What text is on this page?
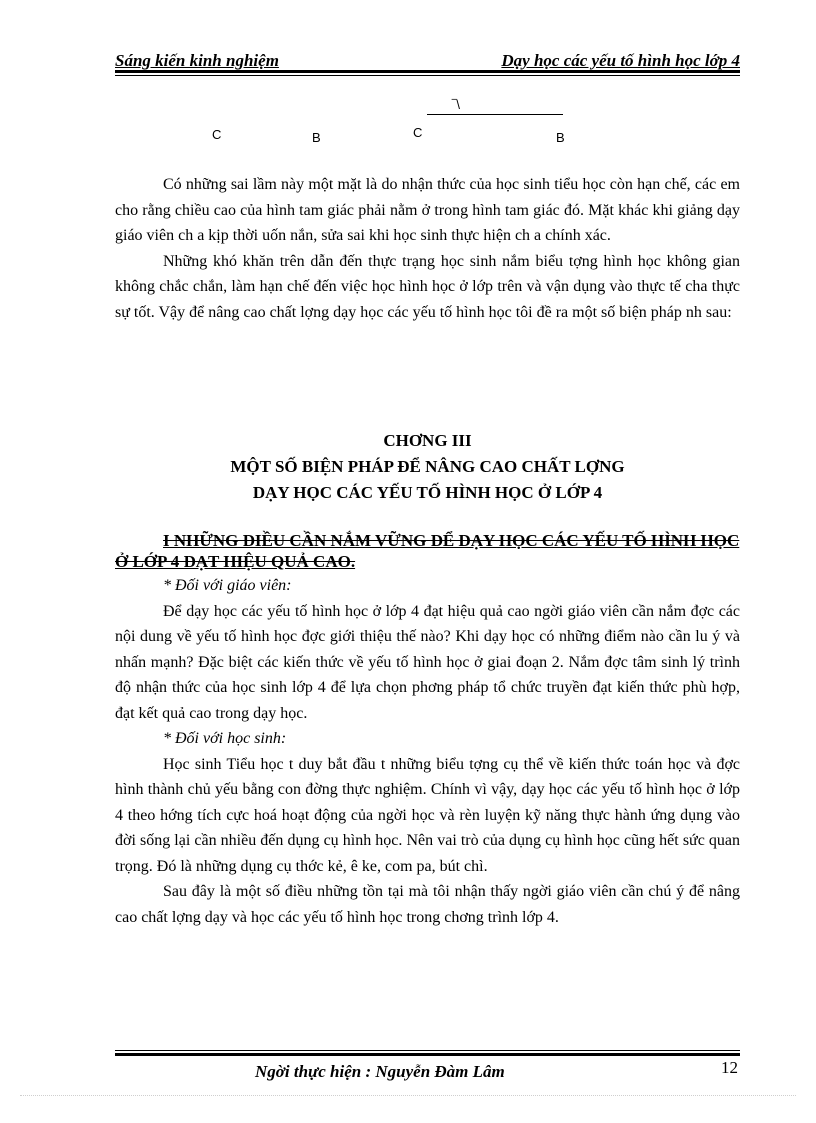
Sáng kiến kinh nghiệm	Dạy học các yếu tố hình học lớp 4
‾\
C	B	C	B

Có những sai lầm này một mặt là do nhận thức của học sinh tiểu học còn hạn chế, các em cho rằng chiều cao của hình tam giác phải nằm ở trong hình tam giác đó. Mặt khác khi giảng dạy giáo viên ch a kịp thời uốn nắn, sửa sai khi học sinh thực hiện ch a chính xác.

Những khó khăn trên dẫn đến thực trạng học sinh nắm biểu tợng hình học không gian không chắc chắn, làm hạn chế đến việc học hình học ở lớp trên và vận dụng vào thực tế cha thực sự tốt. Vậy để nâng cao chất lợng dạy học các yếu tố hình học tôi đề ra một số biện pháp nh sau:

CHƠNG III
MỘT SỐ BIỆN PHÁP ĐỂ NÂNG CAO CHẤT LỢNG
DẠY HỌC CÁC YẾU TỐ HÌNH HỌC Ở LỚP 4
I NHỮNG ĐIỀU CẦN NẮM VỮNG ĐỂ DẠY HỌC CÁC YẾU TỐ HÌNH HỌC Ở LỚP 4 ĐẠT HIỆU QUẢ CAO.

* Đối với giáo viên:

Để dạy học các yếu tố hình học ở lớp 4 đạt hiệu quả cao ngời giáo viên cần nắm đợc các nội dung về yếu tố hình học đợc giới thiệu thế nào? Khi dạy học có những điểm nào cần lu ý và nhấn mạnh? Đặc biệt các kiến thức về yếu tố hình học ở giai đoạn 2. Nắm đợc tâm sinh lý trình độ nhận thức của học sinh lớp 4 để lựa chọn phơng pháp tổ chức truyền đạt kiến thức phù hợp, đạt kết quả cao trong dạy học.

* Đối với học sinh:

Học sinh Tiểu học t duy bắt đầu t những biểu tợng cụ thể về kiến thức toán học và đợc hình thành chủ yếu bằng con đờng thực nghiệm. Chính vì vậy, dạy học các yếu tố hình học ở lớp 4 theo hớng tích cực hoá hoạt động của ngời học và rèn luyện kỹ năng thực hành ứng dụng vào đời sống lại cần nhiều đến dụng cụ hình học. Nên vai trò của dụng cụ hình học cũng hết sức quan trọng. Đó là những dụng cụ thớc kẻ, ê ke, com pa, bút chì.

Sau đây là một số điều những tồn tại mà tôi nhận thấy ngời giáo viên cần chú ý để nâng cao chất lợng dạy và học các yếu tố hình học trong chơng trình lớp 4.

Ngời thực hiện : Nguyễn Đàm Lâm	12
